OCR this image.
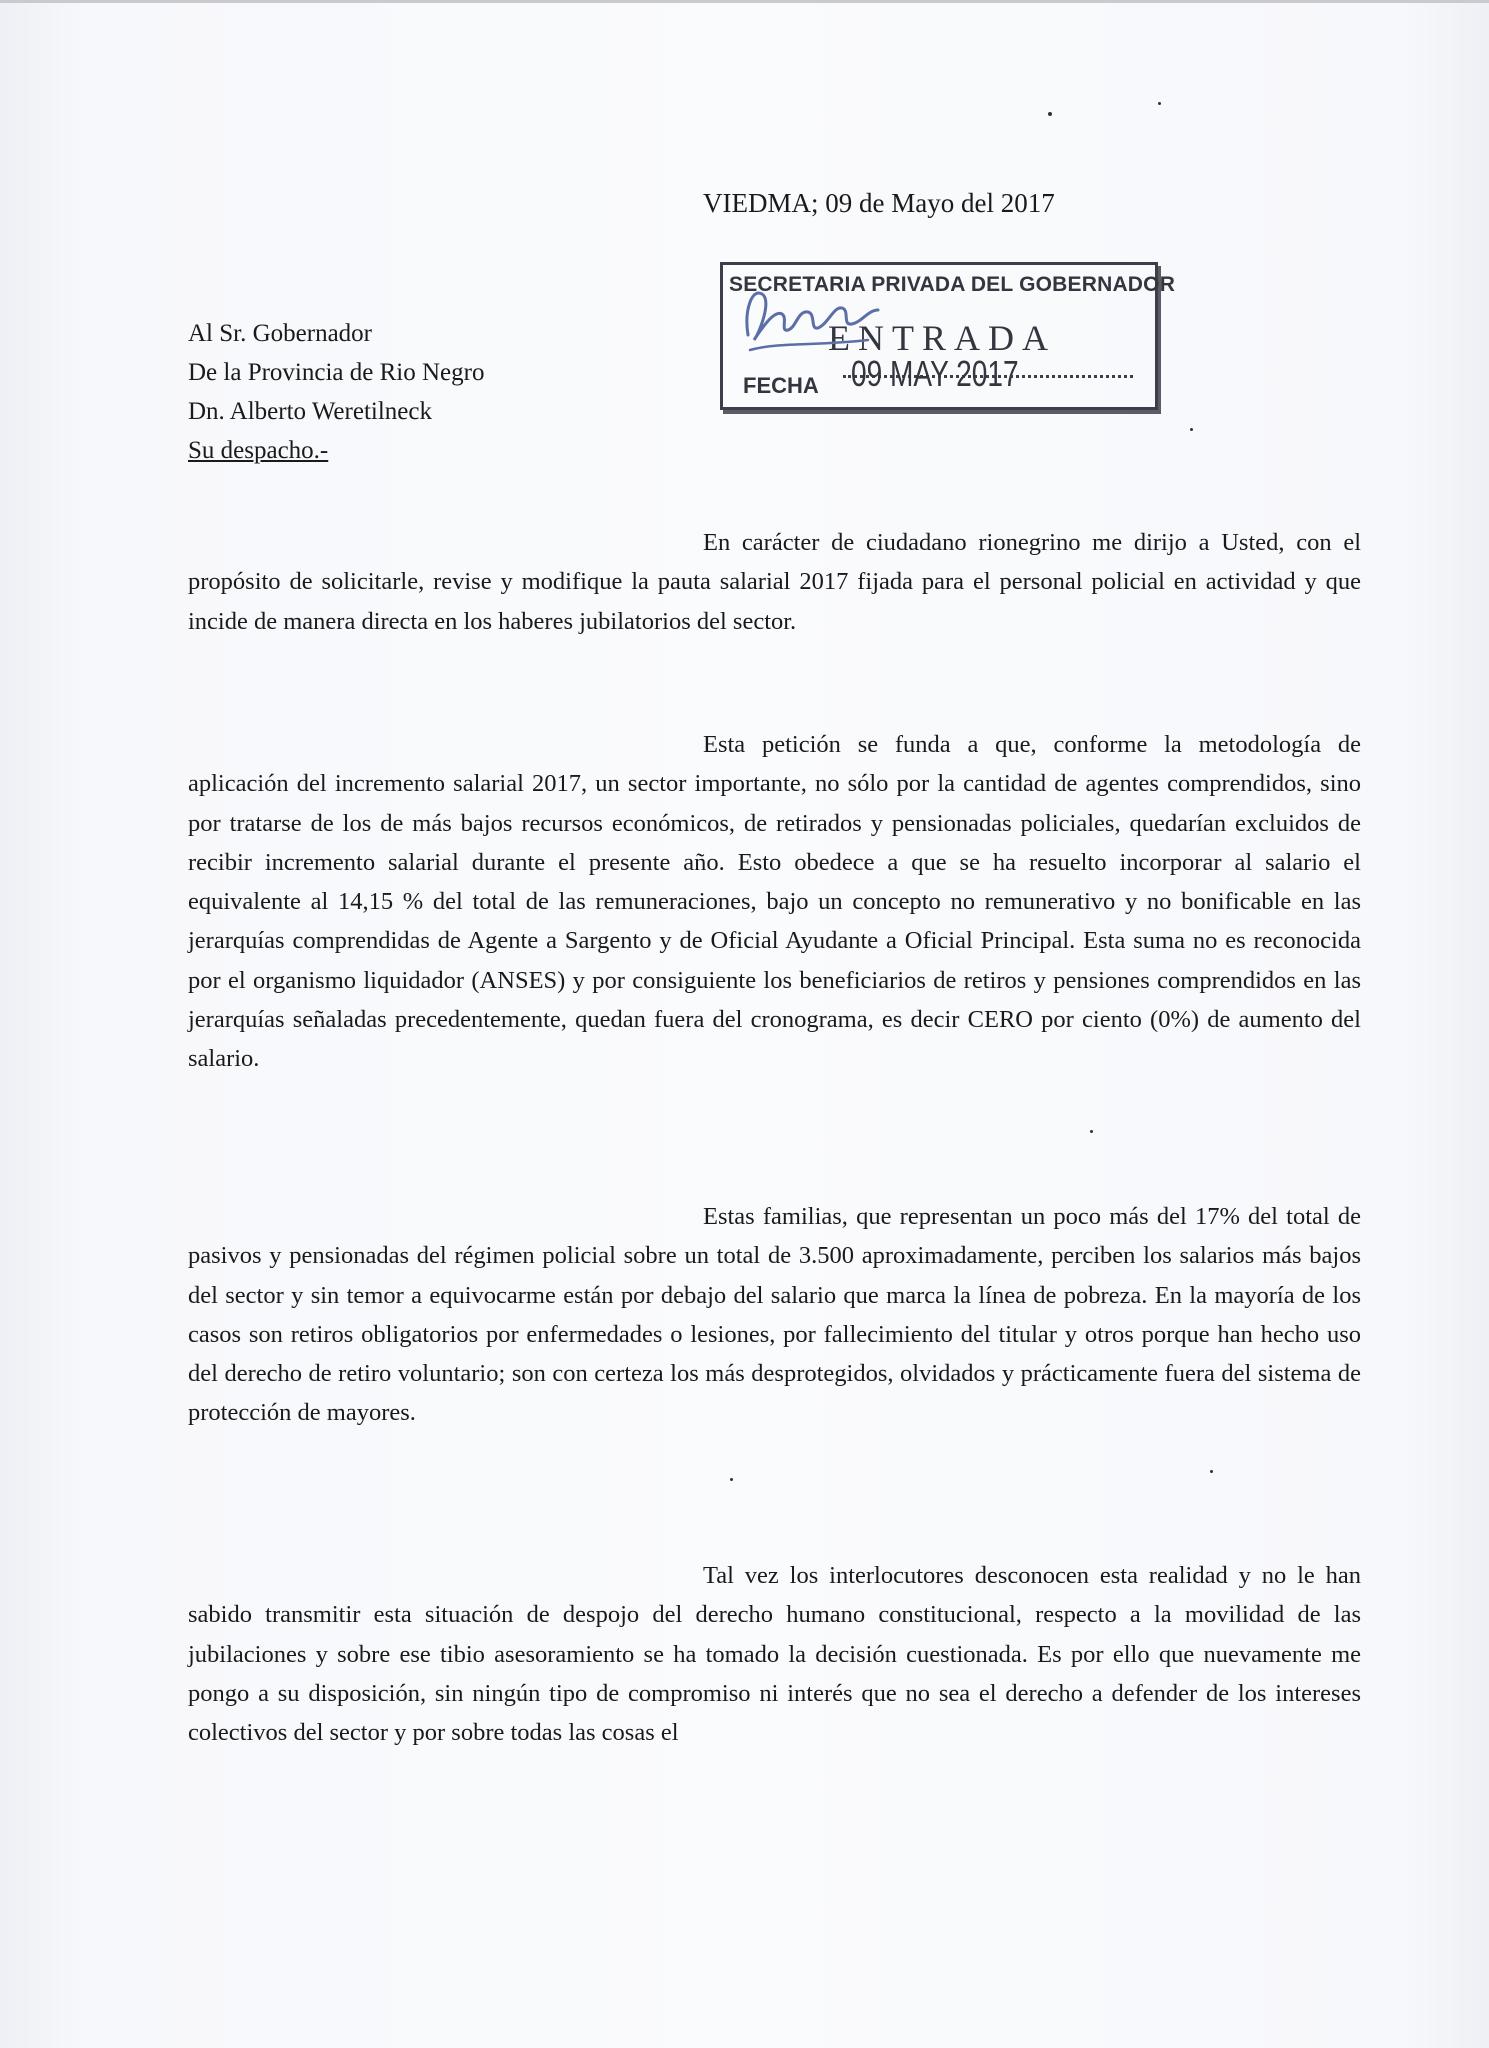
VIEDMA; 09 de Mayo del 2017
Al Sr. Gobernador
De la Provincia de Rio Negro
Dn. Alberto Weretilneck
Su despacho.-
SECRETARIA PRIVADA DEL GOBERNADOR
ENTRADA
FECHA 09 MAY 2017
En carácter de ciudadano rionegrino me dirijo a Usted, con el propósito de solicitarle, revise y modifique la pauta salarial 2017 fijada para el personal policial en actividad y que incide de manera directa en los haberes jubilatorios del sector.
Esta petición se funda a que, conforme la metodología de aplicación del incremento salarial 2017, un sector importante, no sólo por la cantidad de agentes comprendidos, sino por tratarse de los de más bajos recursos económicos, de retirados y pensionadas policiales, quedarían excluidos de recibir incremento salarial durante el presente año. Esto obedece a que se ha resuelto incorporar al salario el equivalente al 14,15 % del total de las remuneraciones, bajo un concepto no remunerativo y no bonificable en las jerarquías comprendidas de Agente a Sargento y de Oficial Ayudante a Oficial Principal. Esta suma no es reconocida por el organismo liquidador (ANSES) y por consiguiente los beneficiarios de retiros y pensiones comprendidos en las jerarquías señaladas precedentemente, quedan fuera del cronograma, es decir CERO por ciento (0%) de aumento del salario.
Estas familias, que representan un poco más del 17% del total de pasivos y pensionadas del régimen policial sobre un total de 3.500 aproximadamente, perciben los salarios más bajos del sector y sin temor a equivocarme están por debajo del salario que marca la línea de pobreza. En la mayoría de los casos son retiros obligatorios por enfermedades o lesiones, por fallecimiento del titular y otros porque han hecho uso del derecho de retiro voluntario; son con certeza los más desprotegidos, olvidados y prácticamente fuera del sistema de protección de mayores.
Tal vez los interlocutores desconocen esta realidad y no le han sabido transmitir esta situación de despojo del derecho humano constitucional, respecto a la movilidad de las jubilaciones y sobre ese tibio asesoramiento se ha tomado la decisión cuestionada. Es por ello que nuevamente me pongo a su disposición, sin ningún tipo de compromiso ni interés que no sea el derecho a defender de los intereses colectivos del sector y por sobre todas las cosas el
